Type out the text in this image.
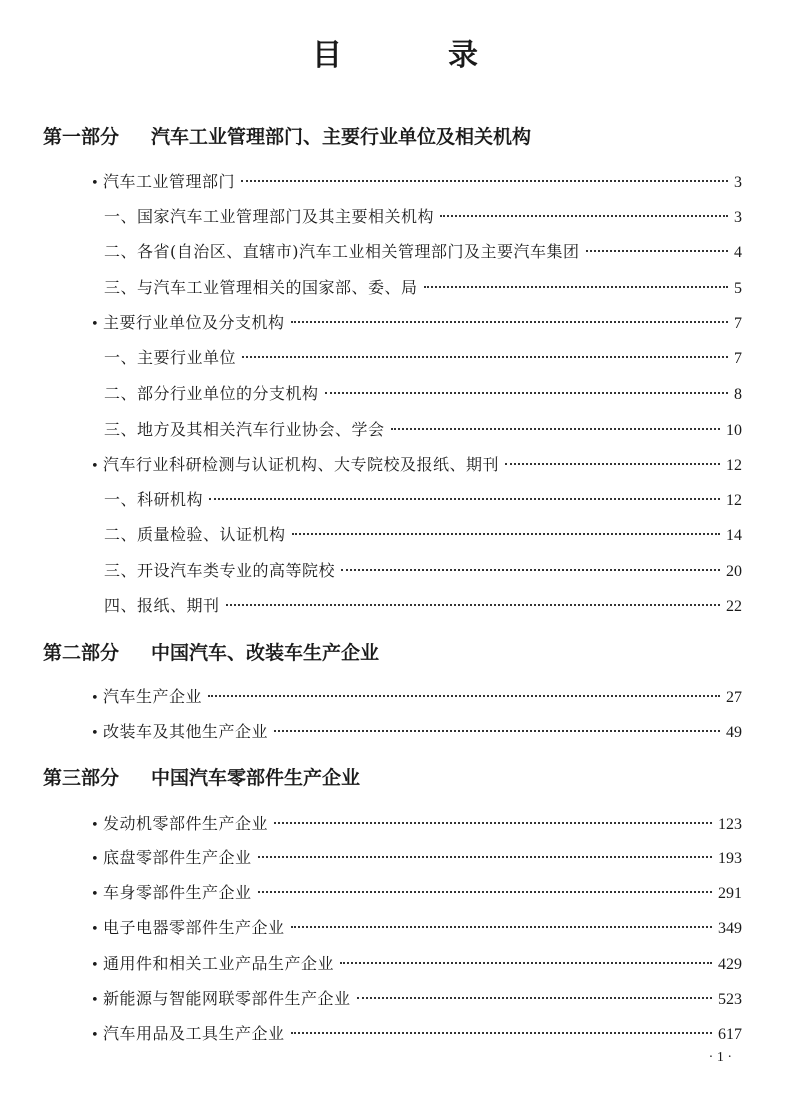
目　录
第一部分 汽车工业管理部门、主要行业单位及相关机构
• 汽车工业管理部门	3
一、国家汽车工业管理部门及其主要相关机构	3
二、各省(自治区、直辖市)汽车工业相关管理部门及主要汽车集团	4
三、与汽车工业管理相关的国家部、委、局	5
• 主要行业单位及分支机构	7
一、主要行业单位	7
二、部分行业单位的分支机构	8
三、地方及其相关汽车行业协会、学会	10
• 汽车行业科研检测与认证机构、大专院校及报纸、期刊	12
一、科研机构	12
二、质量检验、认证机构	14
三、开设汽车类专业的高等院校	20
四、报纸、期刊	22
第二部分 中国汽车、改装车生产企业
• 汽车生产企业	27
• 改装车及其他生产企业	49
第三部分 中国汽车零部件生产企业
• 发动机零部件生产企业	123
• 底盘零部件生产企业	193
• 车身零部件生产企业	291
• 电子电器零部件生产企业	349
• 通用件和相关工业产品生产企业	429
• 新能源与智能网联零部件生产企业	523
• 汽车用品及工具生产企业	617
· 1 ·
